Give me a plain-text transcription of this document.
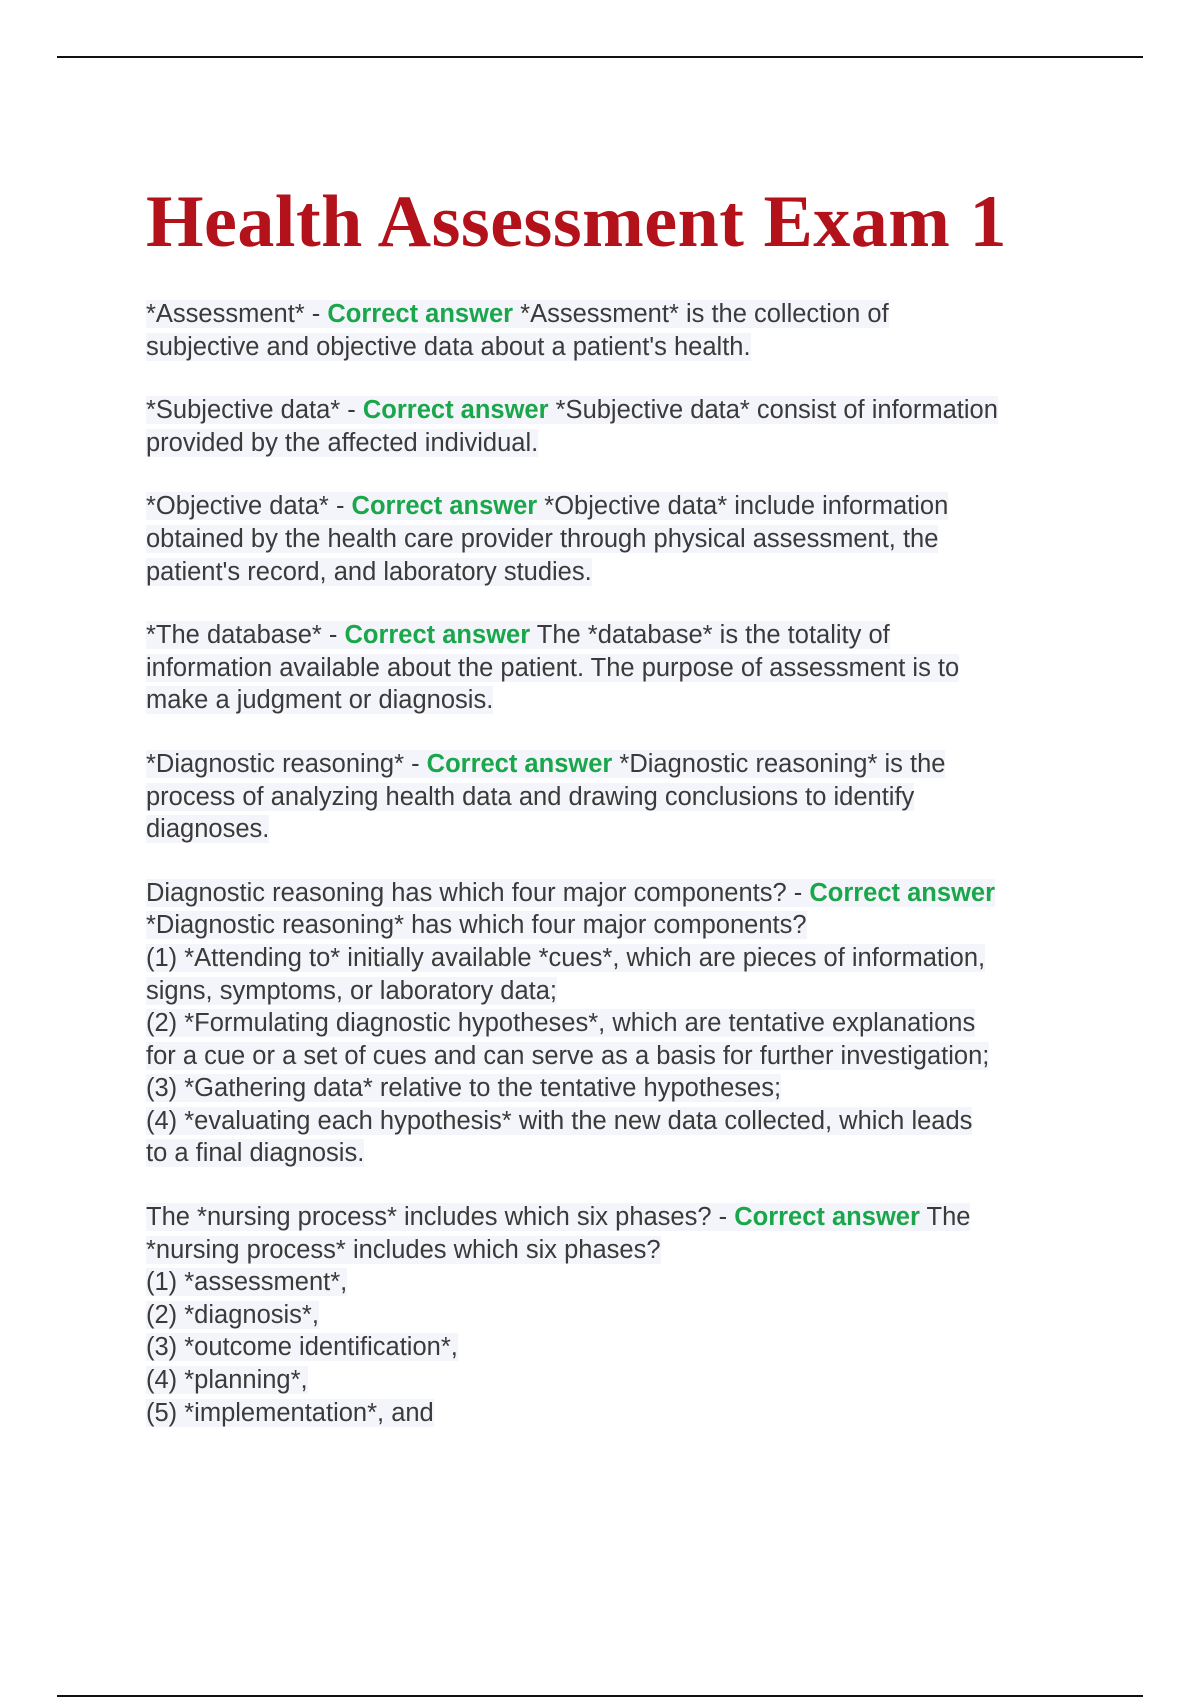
Health Assessment Exam 1
*Assessment* - Correct answer *Assessment* is the collection of
subjective and objective data about a patient's health.
*Subjective data* - Correct answer *Subjective data* consist of information
provided by the affected individual.
*Objective data* - Correct answer *Objective data* include information
obtained by the health care provider through physical assessment, the
patient's record, and laboratory studies.
*The database* - Correct answer The *database* is the totality of
information available about the patient. The purpose of assessment is to
make a judgment or diagnosis.
*Diagnostic reasoning* - Correct answer *Diagnostic reasoning* is the
process of analyzing health data and drawing conclusions to identify
diagnoses.
Diagnostic reasoning has which four major components? - Correct answer
*Diagnostic reasoning* has which four major components?
(1) *Attending to* initially available *cues*, which are pieces of information,
signs, symptoms, or laboratory data;
(2) *Formulating diagnostic hypotheses*, which are tentative explanations
for a cue or a set of cues and can serve as a basis for further investigation;
(3) *Gathering data* relative to the tentative hypotheses;
(4) *evaluating each hypothesis* with the new data collected, which leads
to a final diagnosis.
The *nursing process* includes which six phases? - Correct answer The
*nursing process* includes which six phases?
(1) *assessment*,
(2) *diagnosis*,
(3) *outcome identification*,
(4) *planning*,
(5) *implementation*, and
